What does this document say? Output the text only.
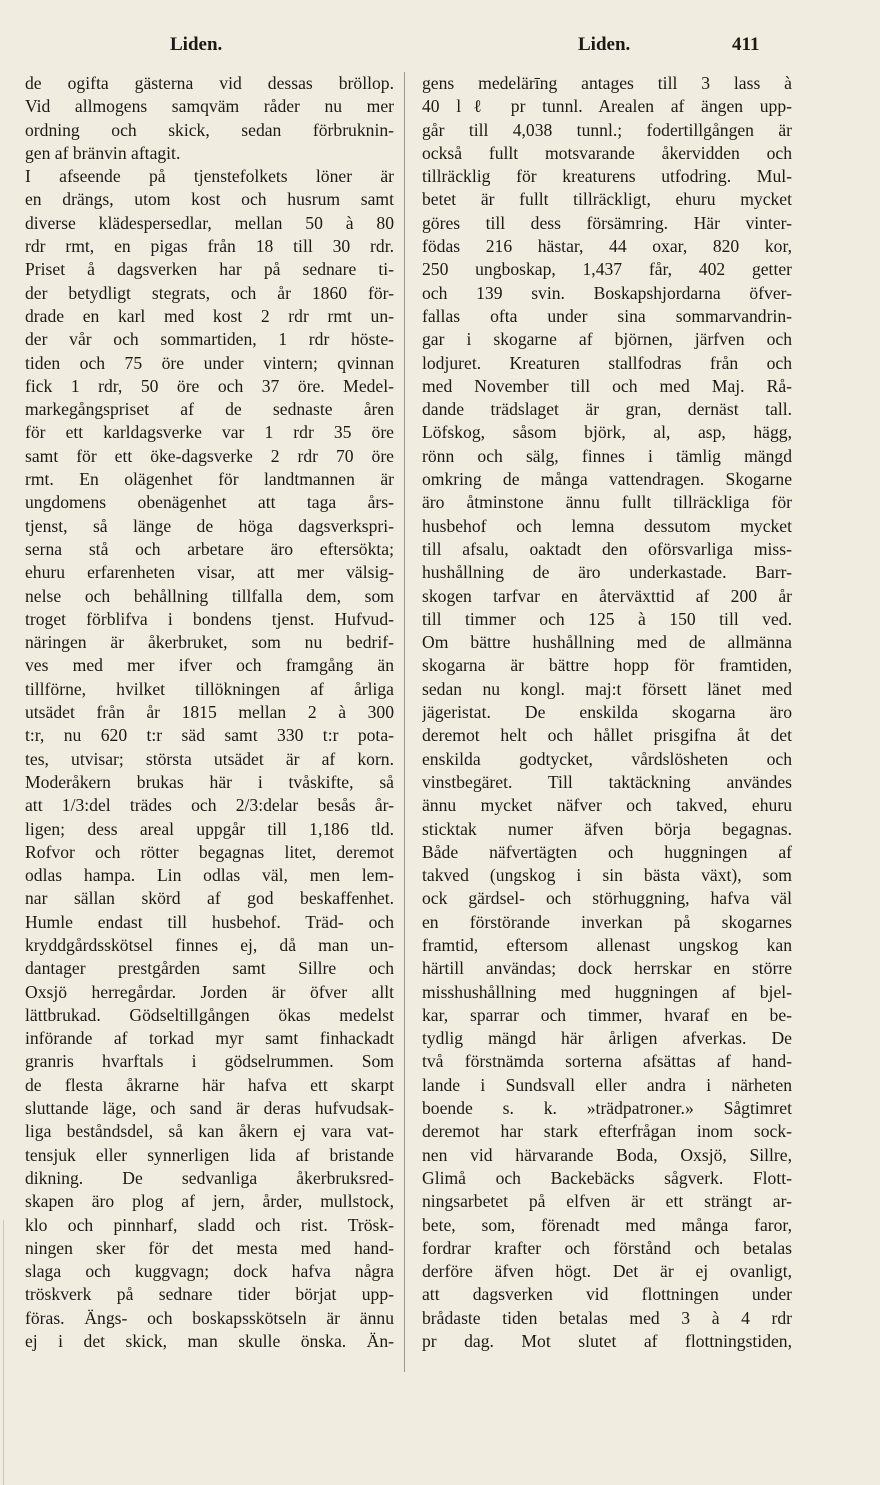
Liden.	Liden.	411
de ogifta gästerna vid dessas bröllop.
Vid allmogens samqväm råder nu mer
ordning och skick, sedan förbruknin-
gen af bränvin aftagit.
I afseende på tjenstefolkets löner är
en drängs, utom kost och husrum samt
diverse klädespersedlar, mellan 50 à 80
rdr rmt, en pigas från 18 till 30 rdr.
Priset å dagsverken har på sednare ti-
der betydligt stegrats, och år 1860 för-
drade en karl med kost 2 rdr rmt un-
der vår och sommartiden, 1 rdr höste-
tiden och 75 öre under vintern; qvinnan
fick 1 rdr, 50 öre och 37 öre. Medel-
markegångspriset af de sednaste åren
för ett karldagsverke var 1 rdr 35 öre
samt för ett öke-dagsverke 2 rdr 70 öre
rmt. En olägenhet för landtmannen är
ungdomens obenägenhet att taga års-
tjenst, så länge de höga dagsverkspri-
serna stå och arbetare äro eftersökta;
ehuru erfarenheten visar, att mer välsig-
nelse och behållning tillfalla dem, som
troget förblifva i bondens tjenst. Hufvud-
näringen är åkerbruket, som nu bedrif-
ves med mer ifver och framgång än
tillförne, hvilket tillökningen af årliga
utsädet från år 1815 mellan 2 à 300
t:r, nu 620 t:r säd samt 330 t:r pota-
tes, utvisar; största utsädet är af korn.
Moderåkern brukas här i tvåskifte, så
att 1/3:del trädes och 2/3:delar besås år-
ligen; dess areal uppgår till 1,186 tld.
Rofvor och rötter begagnas litet, deremot
odlas hampa. Lin odlas väl, men lem-
nar sällan skörd af god beskaffenhet.
Humle endast till husbehof. Träd- och
kryddgårdsskötsel finnes ej, då man un-
dantager prestgården samt Sillre och
Oxsjö herregårdar. Jorden är öfver allt
lättbrukad. Gödseltillgången ökas medelst
införande af torkad myr samt finhackadt
granris hvarftals i gödselrummen. Som
de flesta åkrarne här hafva ett skarpt
sluttande läge, och sand är deras hufvudsak-
liga beståndsdel, så kan åkern ej vara vat-
tensjuk eller synnerligen lida af bristande
dikning. De sedvanliga åkerbruksred-
skapen äro plog af jern, årder, mullstock,
klo och pinnharf, sladd och rist. Trösk-
ningen sker för det mesta med hand-
slaga och kuggvagn; dock hafva några
tröskverk på sednare tider börjat upp-
föras. Ängs- och boskapsskötseln är ännu
ej i det skick, man skulle önska. Än-
gens medelärīng antages till 3 lass à
40 lℓ pr tunnl. Arealen af ängen upp-
går till 4,038 tunnl.; fodertillgången är
också fullt motsvarande åkervidden och
tillräcklig för kreaturens utfodring. Mul-
betet är fullt tillräckligt, ehuru mycket
göres till dess försämring. Här vinter-
födas 216 hästar, 44 oxar, 820 kor,
250 ungboskap, 1,437 får, 402 getter
och 139 svin. Boskapshjordarna öfver-
fallas ofta under sina sommarvandrin-
gar i skogarne af björnen, järfven och
lodjuret. Kreaturen stallfodras från och
med November till och med Maj. Rå-
dande trädslaget är gran, dernäst tall.
Löfskog, såsom björk, al, asp, hägg,
rönn och sälg, finnes i tämlig mängd
omkring de många vattendragen. Skogarne
äro åtminstone ännu fullt tillräckliga för
husbehof och lemna dessutom mycket
till afsalu, oaktadt den oförsvarliga miss-
hushållning de äro underkastade. Barr-
skogen tarfvar en återväxttid af 200 år
till timmer och 125 à 150 till ved.
Om bättre hushållning med de allmänna
skogarna är bättre hopp för framtiden,
sedan nu kongl. maj:t försett länet med
jägeristat. De enskilda skogarna äro
deremot helt och hållet prisgifna åt det
enskilda godtycket, vårdslösheten och
vinstbegäret. Till taktäckning användes
ännu mycket näfver och takved, ehuru
sticktak numer äfven börja begagnas.
Både näfvertägten och huggningen af
takved (ungskog i sin bästa växt), som
ock gärdsel- och störhuggning, hafva väl
en förstörande inverkan på skogarnes
framtid, eftersom allenast ungskog kan
härtill användas; dock herrskar en större
misshushållning med huggningen af bjel-
kar, sparrar och timmer, hvaraf en be-
tydlig mängd här årligen afverkas. De
två förstnämda sorterna afsättas af hand-
lande i Sundsvall eller andra i närheten
boende s. k. »trädpatroner.» Sågtimret
deremot har stark efterfrågan inom sock-
nen vid härvarande Boda, Oxsjö, Sillre,
Glimå och Backebäcks sågverk. Flott-
ningsarbetet på elfven är ett strängt ar-
bete, som, förenadt med många faror,
fordrar krafter och förstånd och betalas
derföre äfven högt. Det är ej ovanligt,
att dagsverken vid flottningen under
brådaste tiden betalas med 3 à 4 rdr
pr dag. Mot slutet af flottningstiden,
